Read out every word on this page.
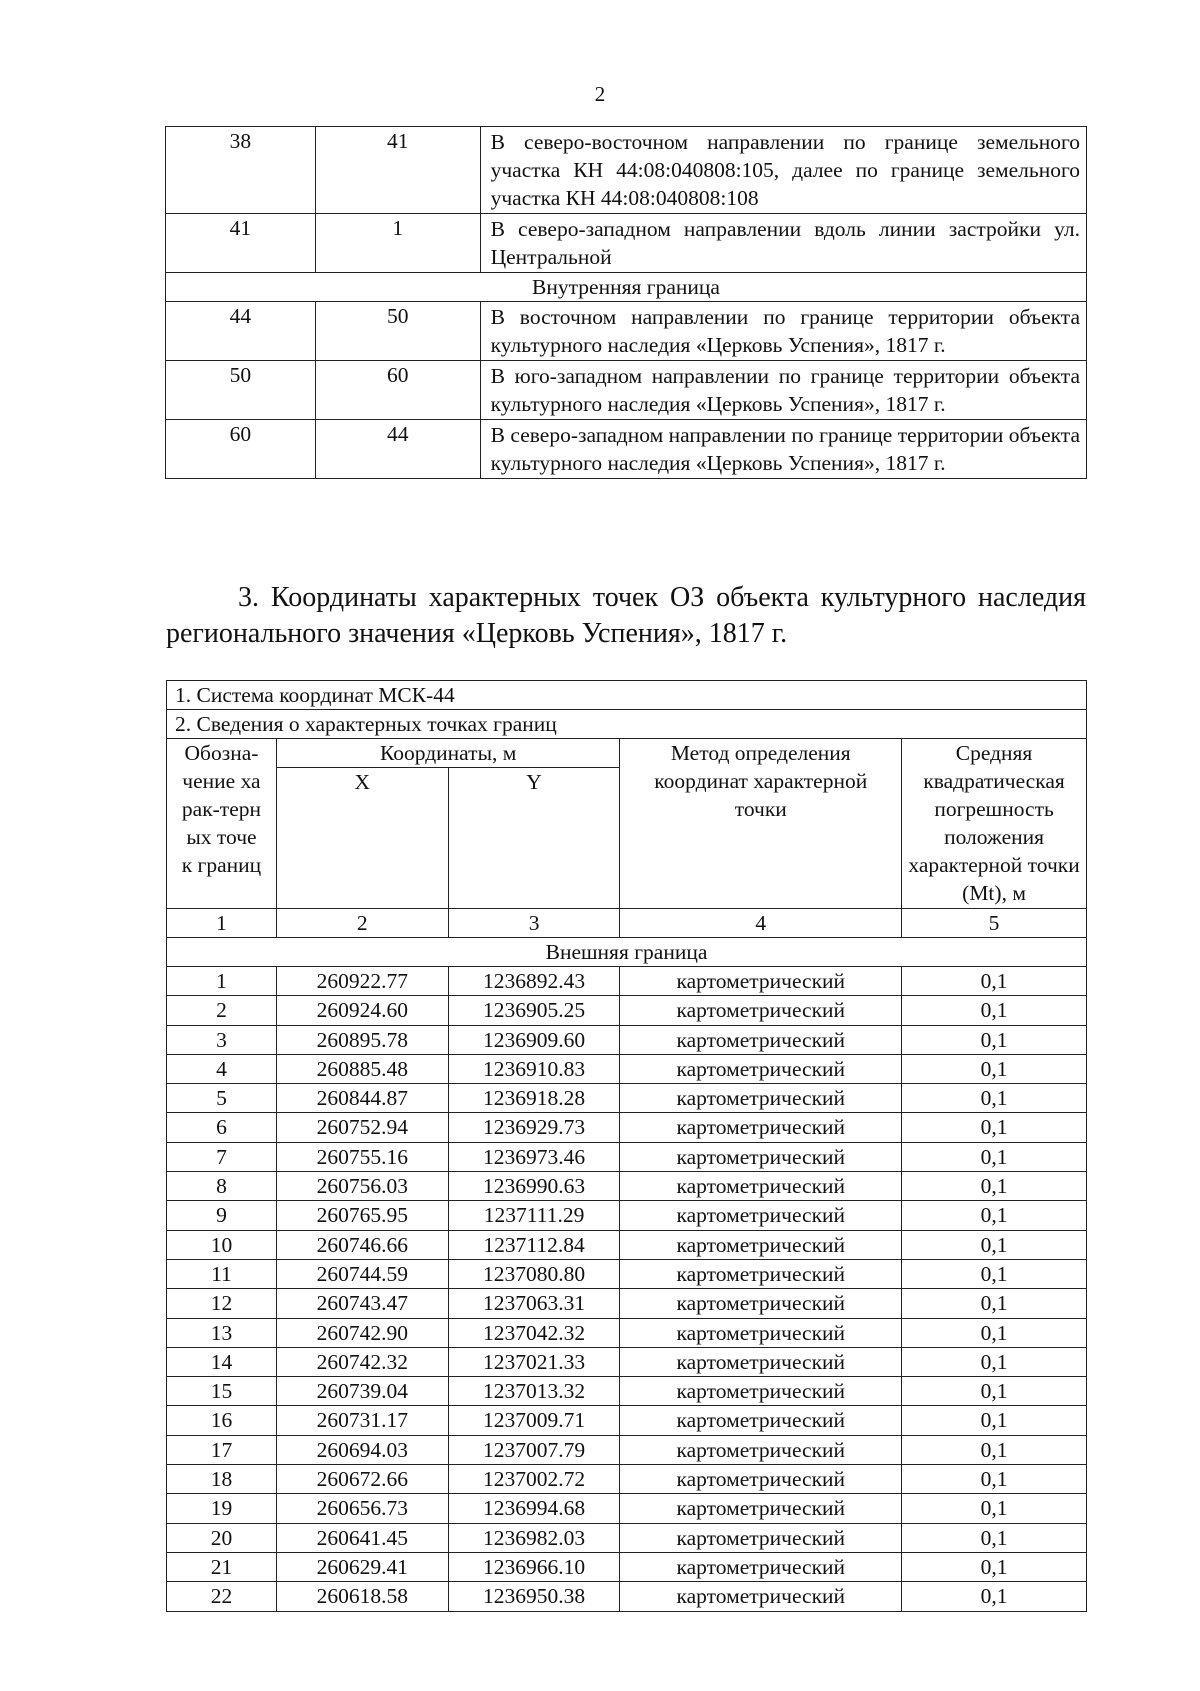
2
38	41	В северо-восточном направлении по границе земельного участка КН 44:08:040808:105, далее по границе земельного участка КН 44:08:040808:108
41	1	В северо-западном направлении вдоль линии застройки ул. Центральной
Внутренняя граница		
44	50	В восточном направлении по границе территории объекта культурного наследия «Церковь Успения», 1817 г.
50	60	В юго-западном направлении по границе территории объекта культурного наследия «Церковь Успения», 1817 г.
60	44	В северо-западном направлении по границе территории объекта культурного наследия «Церковь Успения», 1817 г.
3. Координаты характерных точек ОЗ объекта культурного наследия регионального значения «Церковь Успения», 1817 г.
1. Система координат МСК-44				
2. Сведения о характерных точках границ				

Обозна-чение харак-терных точек границ	Координаты, м		Метод определения координат характерной точки	Средняя квадратическая погрешность положения характерной точки (Mt), м
	X	Y		
1	2	3	4	5
Внешняя граница				
1	260922.77	1236892.43	картометрический	0,1
2	260924.60	1236905.25	картометрический	0,1
3	260895.78	1236909.60	картометрический	0,1
4	260885.48	1236910.83	картометрический	0,1
5	260844.87	1236918.28	картометрический	0,1
6	260752.94	1236929.73	картометрический	0,1
7	260755.16	1236973.46	картометрический	0,1
8	260756.03	1236990.63	картометрический	0,1
9	260765.95	1237111.29	картометрический	0,1
10	260746.66	1237112.84	картометрический	0,1
11	260744.59	1237080.80	картометрический	0,1
12	260743.47	1237063.31	картометрический	0,1
13	260742.90	1237042.32	картометрический	0,1
14	260742.32	1237021.33	картометрический	0,1
15	260739.04	1237013.32	картометрический	0,1
16	260731.17	1237009.71	картометрический	0,1
17	260694.03	1237007.79	картометрический	0,1
18	260672.66	1237002.72	картометрический	0,1
19	260656.73	1236994.68	картометрический	0,1
20	260641.45	1236982.03	картометрический	0,1
21	260629.41	1236966.10	картометрический	0,1
22	260618.58	1236950.38	картометрический	0,1
